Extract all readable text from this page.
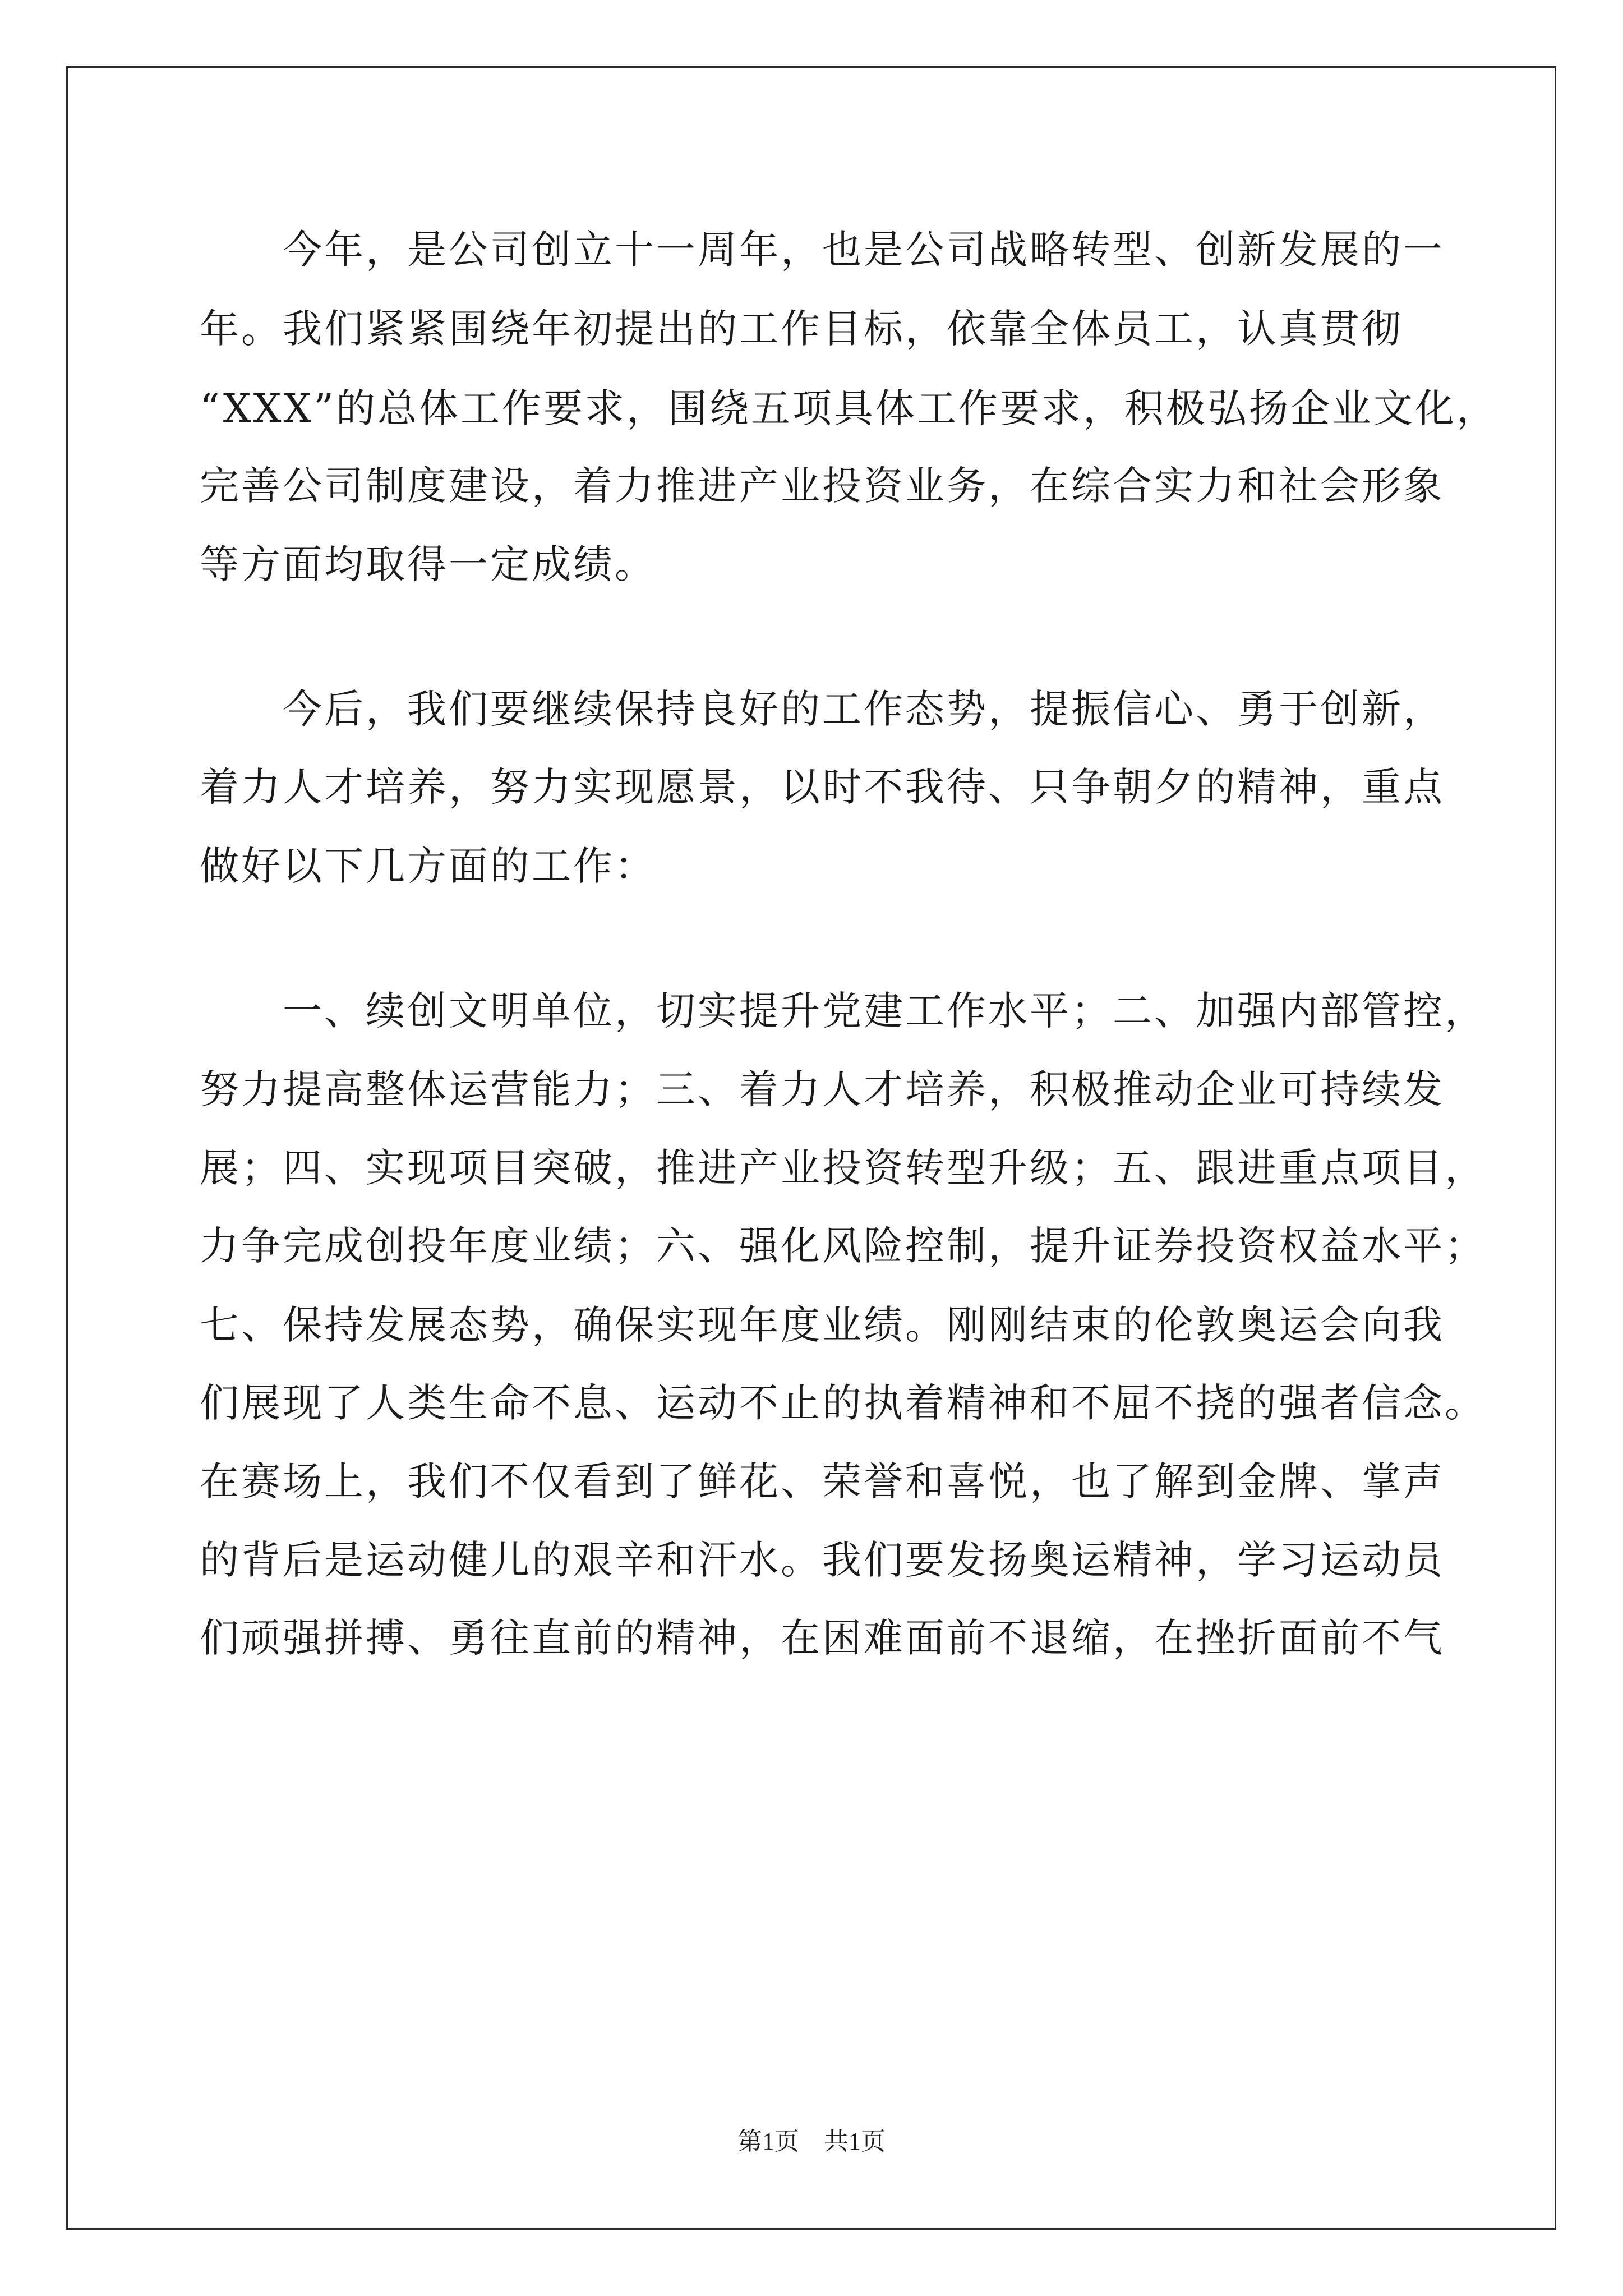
　　今年，是公司创立十一周年，也是公司战略转型、创新发展的一
年。我们紧紧围绕年初提出的工作目标，依靠全体员工，认真贯彻
“XXX”的总体工作要求，围绕五项具体工作要求，积极弘扬企业文化，
完善公司制度建设，着力推进产业投资业务，在综合实力和社会形象
等方面均取得一定成绩。
　　今后，我们要继续保持良好的工作态势，提振信心、勇于创新，
着力人才培养，努力实现愿景，以时不我待、只争朝夕的精神，重点
做好以下几方面的工作：
　　一、续创文明单位，切实提升党建工作水平；二、加强内部管控，
努力提高整体运营能力；三、着力人才培养，积极推动企业可持续发
展；四、实现项目突破，推进产业投资转型升级；五、跟进重点项目，
力争完成创投年度业绩；六、强化风险控制，提升证券投资权益水平；
七、保持发展态势，确保实现年度业绩。刚刚结束的伦敦奥运会向我
们展现了人类生命不息、运动不止的执着精神和不屈不挠的强者信念。
在赛场上，我们不仅看到了鲜花、荣誉和喜悦，也了解到金牌、掌声
的背后是运动健儿的艰辛和汗水。我们要发扬奥运精神，学习运动员
们顽强拼搏、勇往直前的精神，在困难面前不退缩，在挫折面前不气
第1页　共1页
